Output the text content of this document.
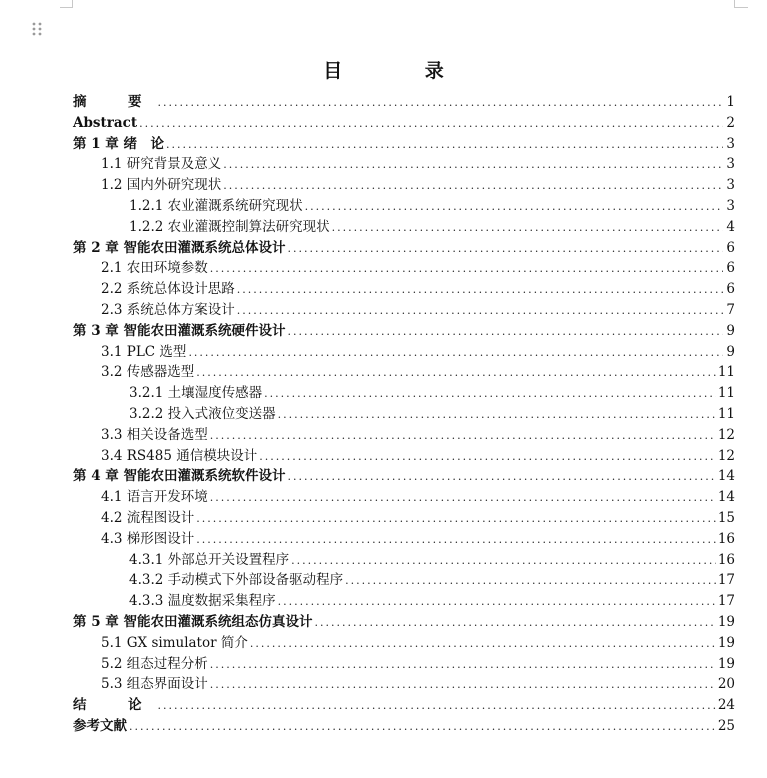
目 录
摘　要 .....	1
Abstract .....	2
第 1 章 绪　论 .....	3
1.1 研究背景及意义 .....	3
1.2 国内外研究现状 .....	3
1.2.1 农业灌溉系统研究现状 .....	3
1.2.2 农业灌溉控制算法研究现状 .....	4
第 2 章 智能农田灌溉系统总体设计 .....	6
2.1 农田环境参数 .....	6
2.2 系统总体设计思路 .....	6
2.3 系统总体方案设计 .....	7
第 3 章 智能农田灌溉系统硬件设计 .....	9
3.1 PLC 选型 .....	9
3.2 传感器选型 .....	11
3.2.1 土壤湿度传感器 .....	11
3.2.2 投入式液位变送器 .....	11
3.3 相关设备选型 .....	12
3.4 RS485 通信模块设计 .....	12
第 4 章 智能农田灌溉系统软件设计 .....	14
4.1 语言开发环境 .....	14
4.2 流程图设计 .....	15
4.3 梯形图设计 .....	16
4.3.1 外部总开关设置程序 .....	16
4.3.2 手动模式下外部设备驱动程序 .....	17
4.3.3 温度数据采集程序 .....	17
第 5 章 智能农田灌溉系统组态仿真设计 .....	19
5.1 GX simulator 简介 .....	19
5.2 组态过程分析 .....	19
5.3 组态界面设计 .....	20
结　论 .....	24
参考文献 .....	25
